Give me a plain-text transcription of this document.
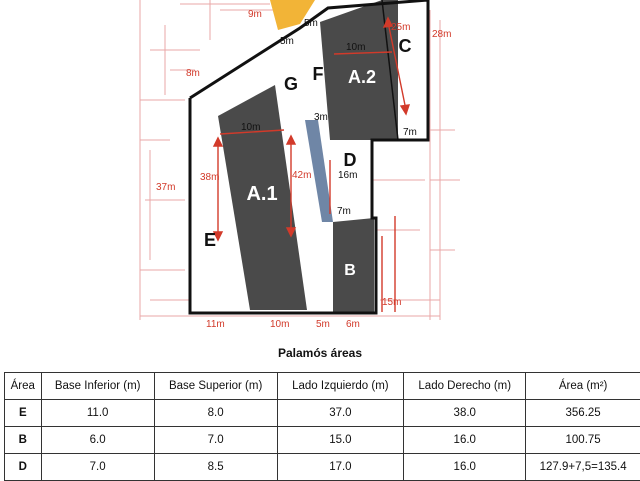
A.1
A.2
B
C
D
E
F
G
9m
5m
5m
25m
7m
10m
3m
10m
38m	42m	16m
7m
15m
11m	10m	5m 6m
28m
8m
37m
Palamós áreas
Área	Base Inferior (m)	Base Superior (m)	Lado Izquierdo (m)	Lado Derecho (m)	Área (m²)
E	11.0	8.0	37.0	38.0	356.25
B	6.0	7.0	15.0	16.0	100.75
D	7.0	8.5	17.0	16.0	127.9+7,5=135.4
